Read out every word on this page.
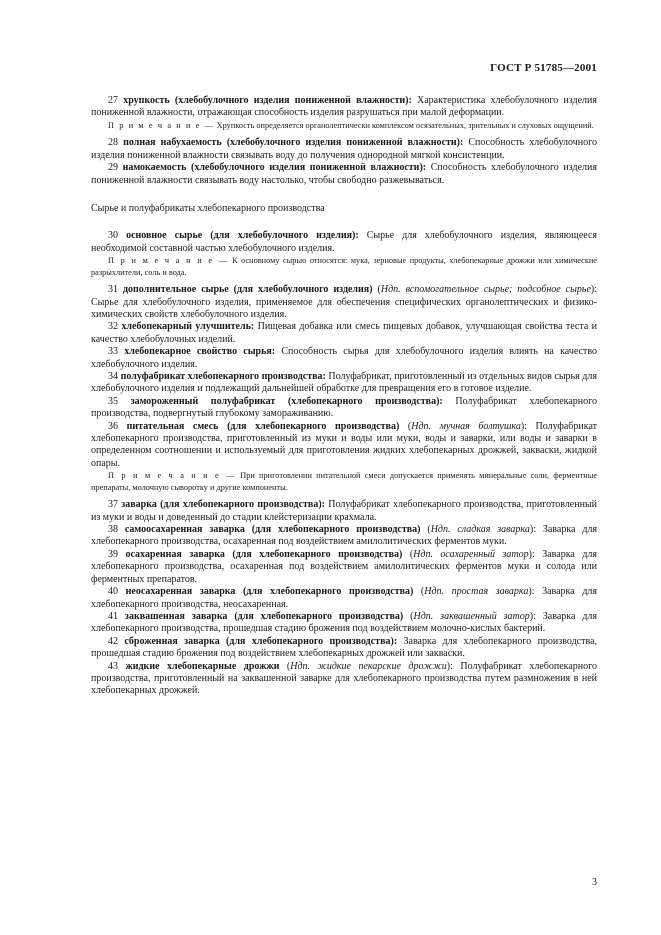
ГОСТ Р 51785—2001

27 хрупкость (хлебобулочного изделия пониженной влажности): Характеристика хлебобулочного изделия пониженной влажности, отражающая способность изделия разрушаться при малой деформации.

П р и м е ч а н и е — Хрупкость определяется органолептически комплексом осязательных, зрительных и слуховых ощущений.

28 полная набухаемость (хлебобулочного изделия пониженной влажности): Способность хлебобулочного изделия пониженной влажности связывать воду до получения однородной мягкой консистенции.

29 намокаемость (хлебобулочного изделия пониженной влажности): Способность хлебобулочного изделия пониженной влажности связывать воду настолько, чтобы свободно разжевываться.

Сырье и полуфабрикаты хлебопекарного производства

30 основное сырье (для хлебобулочного изделия): Сырье для хлебобулочного изделия, являющееся необходимой составной частью хлебобулочного изделия.

П р и м е ч а н и е — К основному сырью относятся: мука, зерновые продукты, хлебопекарные дрожжи или химические разрыхлители, соль и вода.

31 дополнительное сырье (для хлебобулочного изделия) (Ндп. вспомогательное сырье; подсобное сырье): Сырье для хлебобулочного изделия, применяемое для обеспечения специфических органолептических и физико-химических свойств хлебобулочного изделия.

32 хлебопекарный улучшитель: Пищевая добавка или смесь пищевых добавок, улучшающая свойства теста и качество хлебобулочных изделий.

33 хлебопекарное свойство сырья: Способность сырья для хлебобулочного изделия влиять на качество хлебобулочного изделия.

34 полуфабрикат хлебопекарного производства: Полуфабрикат, приготовленный из отдельных видов сырья для хлебобулочного изделия и подлежащий дальнейшей обработке для превращения его в готовое изделие.

35 замороженный полуфабрикат (хлебопекарного производства): Полуфабрикат хлебопекарного производства, подвергнутый глубокому замораживанию.

36 питательная смесь (для хлебопекарного производства) (Ндп. мучная болтушка): Полуфабрикат хлебопекарного производства, приготовленный из муки и воды или муки, воды и заварки, или воды и заварки в определенном соотношении и используемый для приготовления жидких хлебопекарных дрожжей, закваски, жидкой опары.

П р и м е ч а н и е — При приготовлении питательной смеси допускается применять минеральные соли, ферментные препараты, молочную сыворотку и другие компоненты.

37 заварка (для хлебопекарного производства): Полуфабрикат хлебопекарного производства, приготовленный из муки и воды и доведенный до стадии клейстеризации крахмала.

38 самоосахаренная заварка (для хлебопекарного производства) (Ндп. сладкая заварка): Заварка для хлебопекарного производства, осахаренная под воздействием амилолитических ферментов муки.

39 осахаренная заварка (для хлебопекарного производства) (Ндп. осахаренный затор): Заварка для хлебопекарного производства, осахаренная под воздействием амилолитических ферментов муки и солода или ферментных препаратов.

40 неосахаренная заварка (для хлебопекарного производства) (Ндп. простая заварка): Заварка для хлебопекарного производства, неосахаренная.

41 заквашенная заварка (для хлебопекарного производства) (Ндп. заквашенный затор): Заварка для хлебопекарного производства, прошедшая стадию брожения под воздействием молочно-кислых бактерий.

42 сброженная заварка (для хлебопекарного производства): Заварка для хлебопекарного производства, прошедшая стадию брожения под воздействием хлебопекарных дрожжей или закваски.

43 жидкие хлебопекарные дрожжи (Ндп. жидкие пекарские дрожжи): Полуфабрикат хлебопекарного производства, приготовленный на заквашенной заварке для хлебопекарного производства путем размножения в ней хлебопекарных дрожжей.

3
